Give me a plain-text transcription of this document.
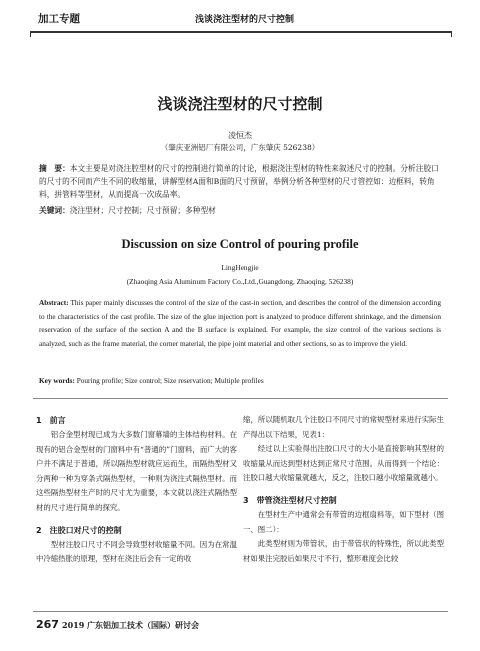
加工专题	浅谈浇注型材的尺寸控制
浅谈浇注型材的尺寸控制
凌恒杰
（肇庆亚洲铝厂有限公司，广东肇庆 526238）
摘　要：本文主要是对浇注腔型材的尺寸的控制进行简单的讨论，根据浇注型材的特性来叙述尺寸的控制。分析注胶口的尺寸的不同而产生不同的收缩量，讲解型材A面和B面的尺寸预留，举例分析各种型材的尺寸管控如：边框料，转角料，拼管料等型材，从而提高一次成品率。
关键词：浇注型材；尺寸控制；尺寸预留；多种型材
Discussion on size Control of pouring profile
LingHengjie
(Zhaoqing Asia Aluminum Factory Co.,Ltd.,Guangdong, Zhaoqing, 526238)
Abstract: This paper mainly discusses the control of the size of the cast-in section, and describes the control of the dimension according to the characteristics of the cast profile. The size of the glue injection port is analyzed to produce different shrinkage, and the dimension reservation of the surface of the section A and the B surface is explained. For example, the size control of the various sections is analyzed, such as the frame material, the corner material, the pipe joint material and other sections, so as to improve the yield.
Key words: Pouring profile; Size control; Size reservation; Multiple profiles

1　前言

铝合金型材现已成为大多数门窗幕墙的主体结构材料。在现有的铝合金型材的门窗料中有“普通的”门窗料，而广大的客户并不满足于普通，所以隔热型材就应运而生，而隔热型材又分两种一种为穿条式隔热型材，一种则为浇注式隔热型材。而这些隔热型材生产时的尺寸尤为重要，本文就以浇注式隔热型材的尺寸进行简单的探究。

2　注胶口对尺寸的控制

型材注胶口尺寸不同会导致型材收缩量不同。因为在常温中冷缩热胀的原理，型材在浇注后会有一定的收

缩，所以随机取几个注胶口不同尺寸的常规型材来进行实际生产得出以下结果，见表1：

经过以上实验得出注胶口尺寸的大小是直接影响其型材的收缩量从而达到型材达到正常尺寸范围。从而得到一个结论：注胶口越大收缩量就越大，反之，注胶口越小收缩量就越小。

3　带管浇注型材尺寸控制

在型材生产中通常会有带管的边框扇料等，如下型材（图一、图二）：

此类型材则为带管状，由于带管状的特殊性，所以此类型材如果注完胶后如果尺寸不行，整形难度会比较

267 2019 广东铝加工技术（国际）研讨会
